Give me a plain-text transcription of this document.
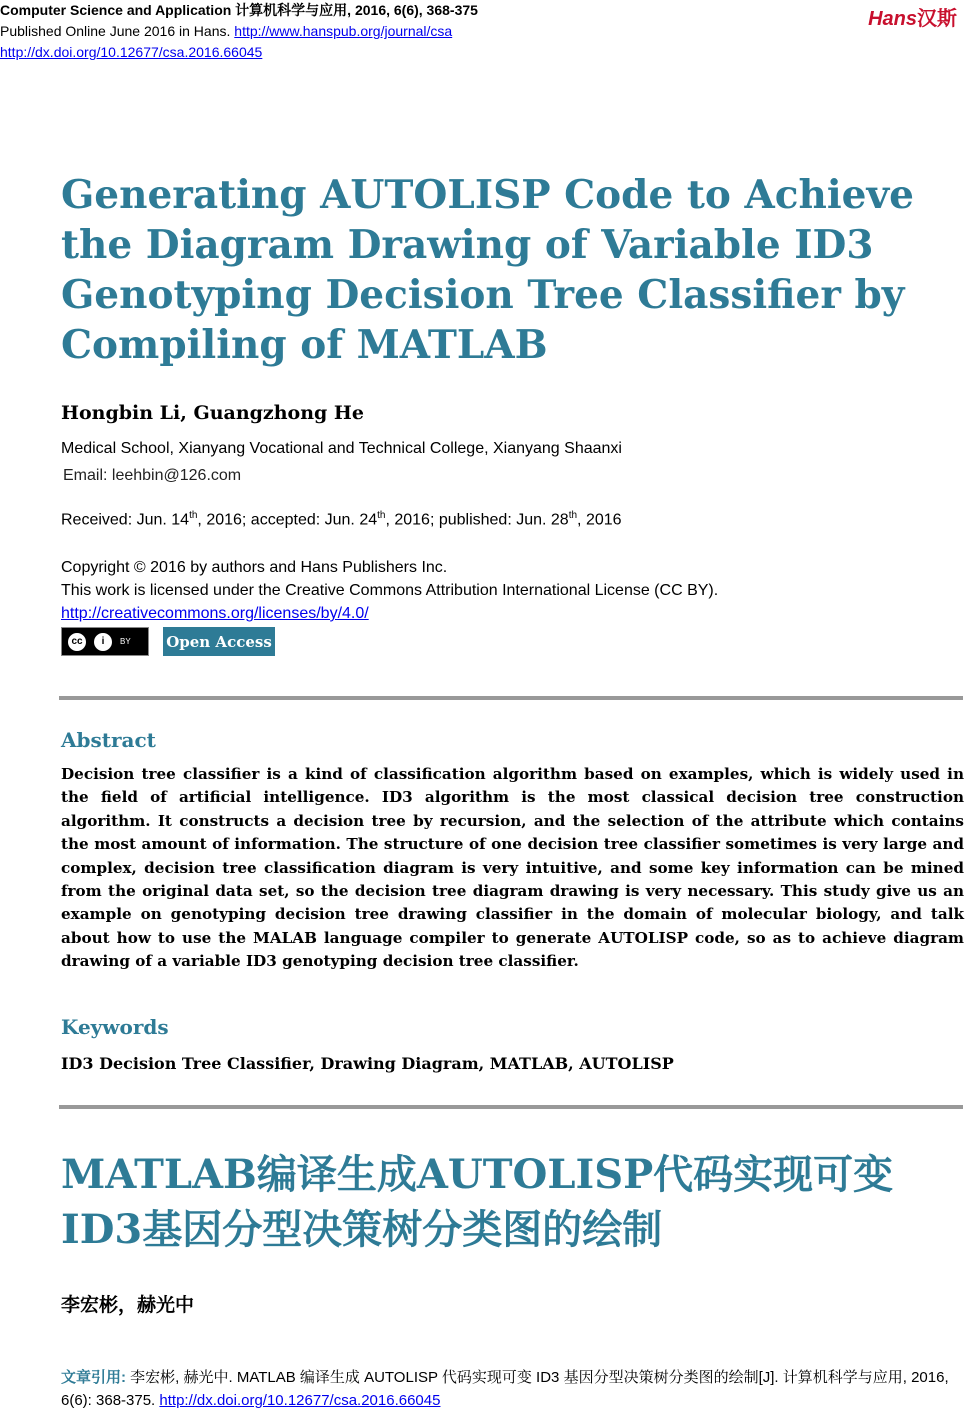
Computer Science and Application 计算机科学与应用, 2016, 6(6), 368-375
Published Online June 2016 in Hans. http://www.hanspub.org/journal/csa
http://dx.doi.org/10.12677/csa.2016.66045
Hans汉斯
Generating AUTOLISP Code to Achieve the Diagram Drawing of Variable ID3 Genotyping Decision Tree Classifier by Compiling of MATLAB
Hongbin Li, Guangzhong He
Medical School, Xianyang Vocational and Technical College, Xianyang Shaanxi
Email: leehbin@126.com
Received: Jun. 14th, 2016; accepted: Jun. 24th, 2016; published: Jun. 28th, 2016
Copyright © 2016 by authors and Hans Publishers Inc.
This work is licensed under the Creative Commons Attribution International License (CC BY).
http://creativecommons.org/licenses/by/4.0/
cc	i	BY Open Access
Abstract
Decision tree classifier is a kind of classification algorithm based on examples, which is widely used in the field of artificial intelligence. ID3 algorithm is the most classical decision tree construction algorithm. It constructs a decision tree by recursion, and the selection of the attribute which contains the most amount of information. The structure of one decision tree classifier sometimes is very large and complex, decision tree classification diagram is very intuitive, and some key information can be mined from the original data set, so the decision tree diagram drawing is very necessary. This study give us an example on genotyping decision tree drawing classifier in the domain of molecular biology, and talk about how to use the MALAB language compiler to generate AUTOLISP code, so as to achieve diagram drawing of a variable ID3 genotyping decision tree classifier.
Keywords
ID3 Decision Tree Classifier, Drawing Diagram, MATLAB, AUTOLISP
MATLAB编译生成AUTOLISP代码实现可变
ID3基因分型决策树分类图的绘制
李宏彬，赫光中
文章引用: 李宏彬, 赫光中. MATLAB 编译生成 AUTOLISP 代码实现可变 ID3 基因分型决策树分类图的绘制[J]. 计算机科学与应用, 2016, 6(6): 368-375. http://dx.doi.org/10.12677/csa.2016.66045
